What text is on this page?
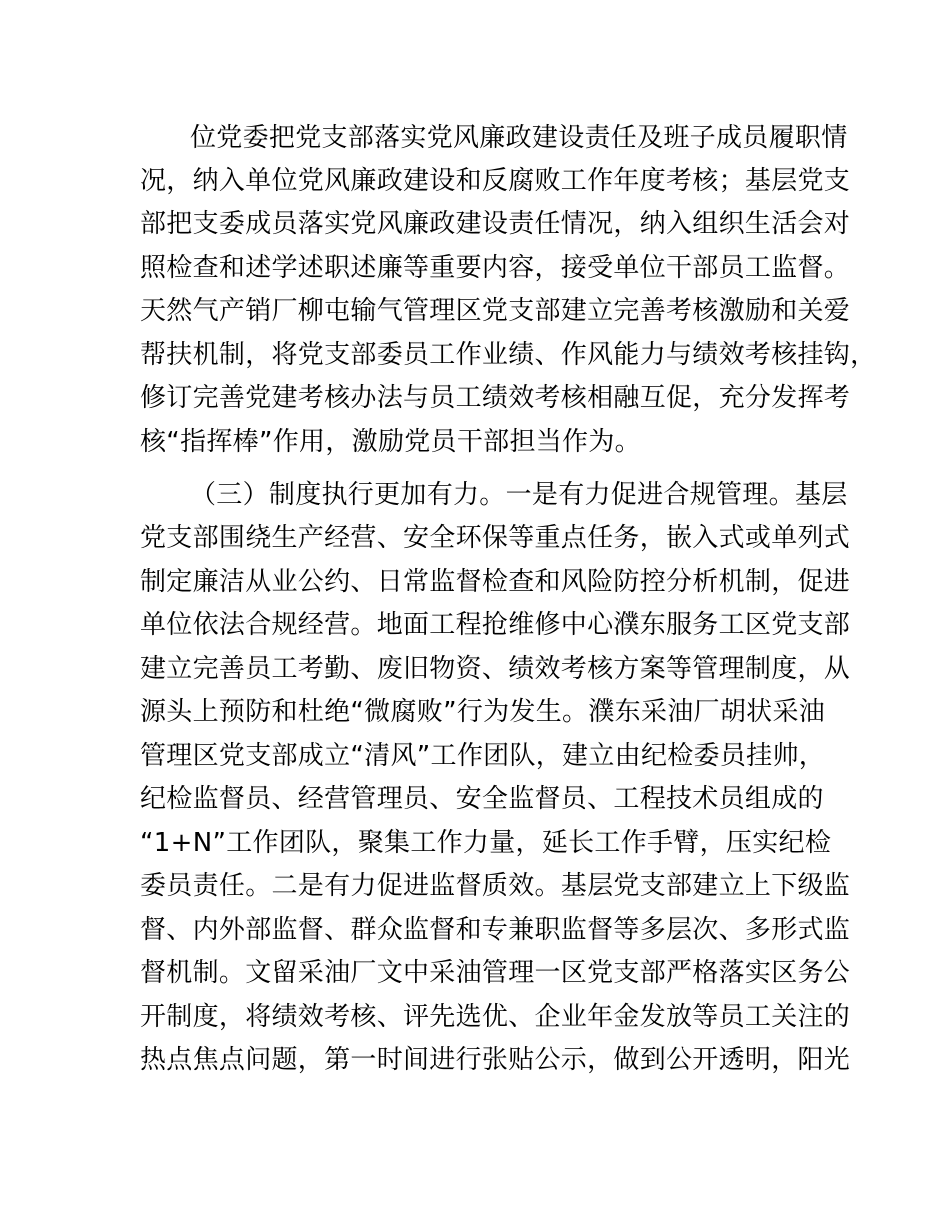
位党委把党支部落实党风廉政建设责任及班子成员履职情
况，纳入单位党风廉政建设和反腐败工作年度考核；基层党支
部把支委成员落实党风廉政建设责任情况，纳入组织生活会对
照检查和述学述职述廉等重要内容，接受单位干部员工监督。
天然气产销厂柳屯输气管理区党支部建立完善考核激励和关爱
帮扶机制，将党支部委员工作业绩、作风能力与绩效考核挂钩，
修订完善党建考核办法与员工绩效考核相融互促，充分发挥考
核“指挥棒”作用，激励党员干部担当作为。
（三）制度执行更加有力。一是有力促进合规管理。基层
党支部围绕生产经营、安全环保等重点任务，嵌入式或单列式
制定廉洁从业公约、日常监督检查和风险防控分析机制，促进
单位依法合规经营。地面工程抢维修中心濮东服务工区党支部
建立完善员工考勤、废旧物资、绩效考核方案等管理制度，从
源头上预防和杜绝“微腐败”行为发生。濮东采油厂胡状采油
管理区党支部成立“清风”工作团队，建立由纪检委员挂帅，
纪检监督员、经营管理员、安全监督员、工程技术员组成的
“1+N”工作团队，聚集工作力量，延长工作手臂，压实纪检
委员责任。二是有力促进监督质效。基层党支部建立上下级监
督、内外部监督、群众监督和专兼职监督等多层次、多形式监
督机制。文留采油厂文中采油管理一区党支部严格落实区务公
开制度，将绩效考核、评先选优、企业年金发放等员工关注的
热点焦点问题，第一时间进行张贴公示，做到公开透明，阳光
